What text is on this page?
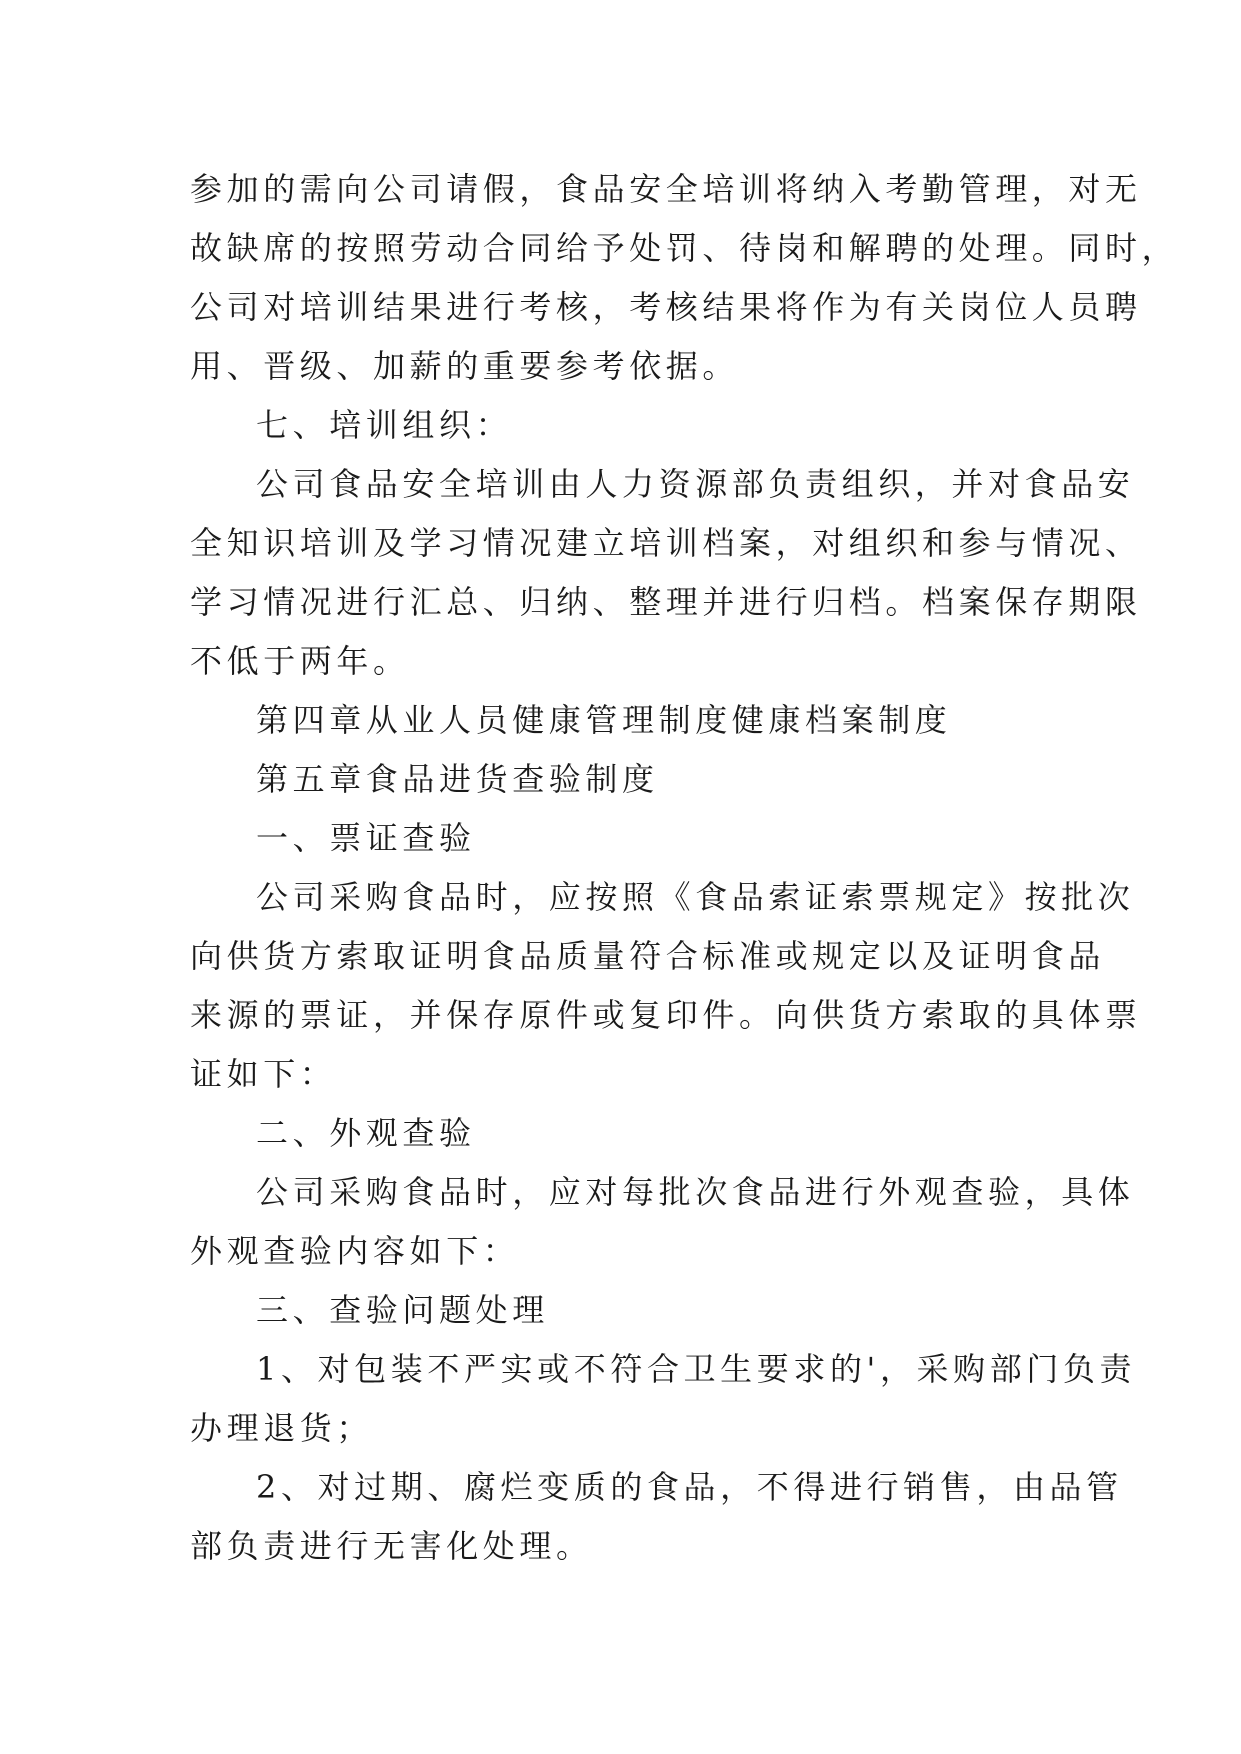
参加的需向公司请假，食品安全培训将纳入考勤管理，对无
故缺席的按照劳动合同给予处罚、待岗和解聘的处理。同时，
公司对培训结果进行考核，考核结果将作为有关岗位人员聘
用、晋级、加薪的重要参考依据。
七、培训组织：
公司食品安全培训由人力资源部负责组织，并对食品安
全知识培训及学习情况建立培训档案，对组织和参与情况、
学习情况进行汇总、归纳、整理并进行归档。档案保存期限
不低于两年。
第四章从业人员健康管理制度健康档案制度
第五章食品进货查验制度
一、票证查验
公司采购食品时，应按照《食品索证索票规定》按批次
向供货方索取证明食品质量符合标准或规定以及证明食品
来源的票证，并保存原件或复印件。向供货方索取的具体票
证如下：
二、外观查验
公司采购食品时，应对每批次食品进行外观查验，具体
外观查验内容如下：
三、查验问题处理
1、对包装不严实或不符合卫生要求的'，采购部门负责
办理退货；
2、对过期、腐烂变质的食品，不得进行销售，由品管
部负责进行无害化处理。
